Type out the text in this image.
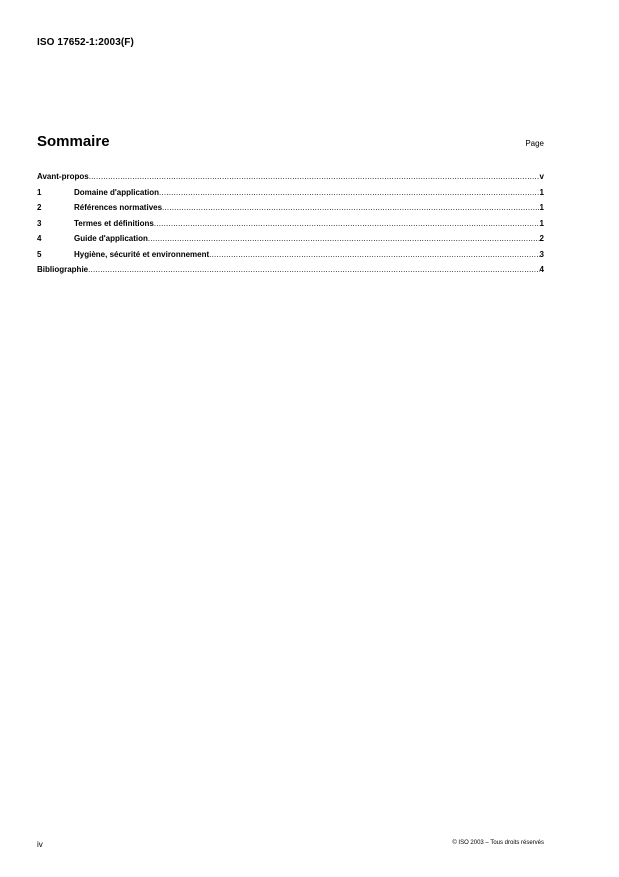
ISO 17652-1:2003(F)
Sommaire	Page
Avant-propos .....	v
1	Domaine d'application .....	1
2	Références normatives .....	1
3	Termes et définitions .....	1
4	Guide d'application .....	2
5	Hygiène, sécurité et environnement .....	3
Bibliographie .....	4
iv	© ISO 2003 – Tous droits réservés
